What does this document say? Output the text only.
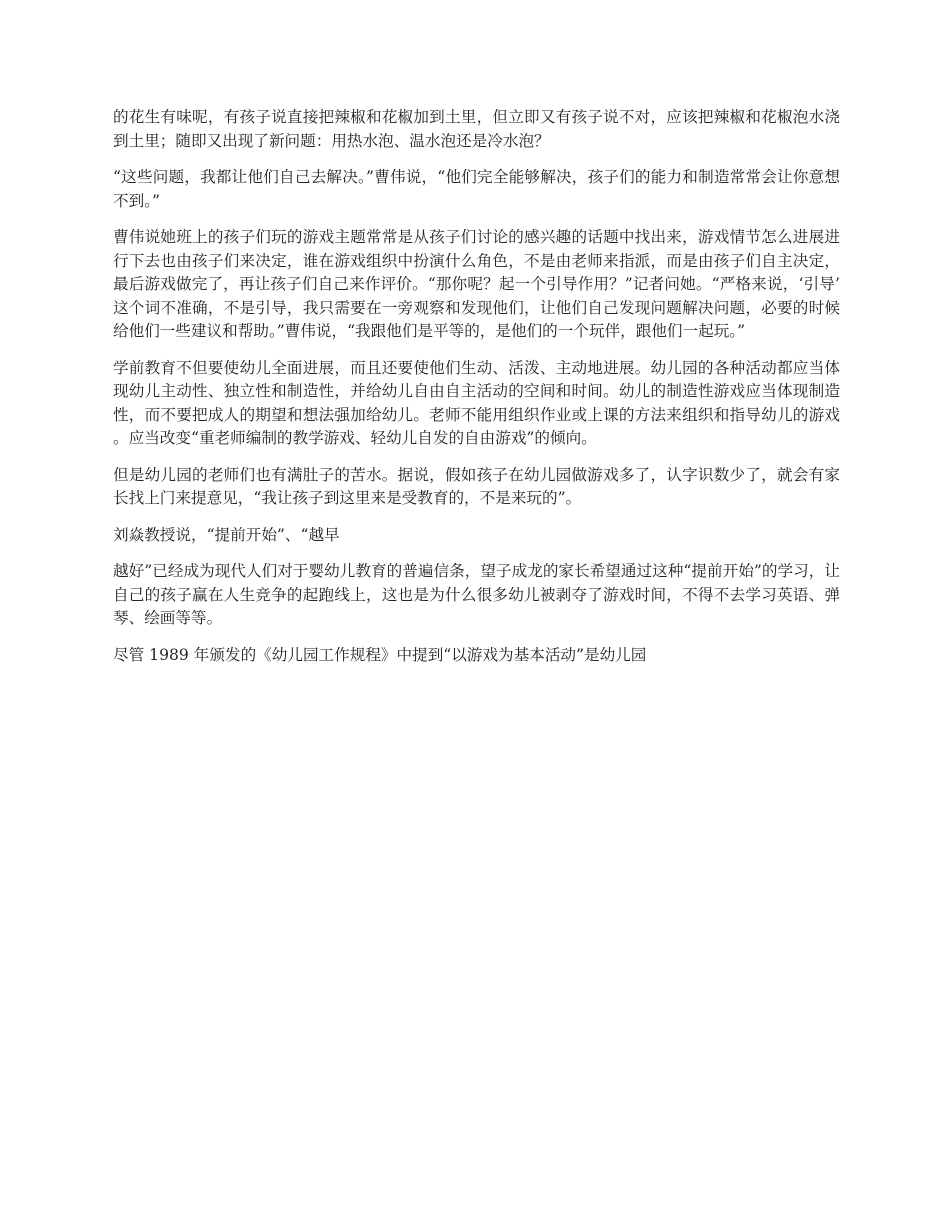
的花生有味呢，有孩子说直接把辣椒和花椒加到土里，但立即又有孩子说不对，应该把辣椒和花椒泡水浇到土里；随即又出现了新问题：用热水泡、温水泡还是冷水泡？

“这些问题，我都让他们自己去解决。”曹伟说，“他们完全能够解决，孩子们的能力和制造常常会让你意想不到。”

曹伟说她班上的孩子们玩的游戏主题常常是从孩子们讨论的感兴趣的话题中找出来，游戏情节怎么进展进行下去也由孩子们来决定，谁在游戏组织中扮演什么角色，不是由老师来指派，而是由孩子们自主决定，最后游戏做完了，再让孩子们自己来作评价。“那你呢？起一个引导作用？”记者问她。“严格来说，‘引导’这个词不准确，不是引导，我只需要在一旁观察和发现他们，让他们自己发现问题解决问题，必要的时候给他们一些建议和帮助。”曹伟说，“我跟他们是平等的，是他们的一个玩伴，跟他们一起玩。”

学前教育不但要使幼儿全面进展，而且还要使他们生动、活泼、主动地进展。幼儿园的各种活动都应当体现幼儿主动性、独立性和制造性，并给幼儿自由自主活动的空间和时间。幼儿的制造性游戏应当体现制造性，而不要把成人的期望和想法强加给幼儿。老师不能用组织作业或上课的方法来组织和指导幼儿的游戏。应当改变“重老师编制的教学游戏、轻幼儿自发的自由游戏”的倾向。

但是幼儿园的老师们也有满肚子的苦水。据说，假如孩子在幼儿园做游戏多了，认字识数少了，就会有家长找上门来提意见，“我让孩子到这里来是受教育的，不是来玩的”。

刘焱教授说，“提前开始”、“越早

越好”已经成为现代人们对于婴幼儿教育的普遍信条，望子成龙的家长希望通过这种“提前开始”的学习，让自己的孩子赢在人生竞争的起跑线上，这也是为什么很多幼儿被剥夺了游戏时间，不得不去学习英语、弹琴、绘画等等。

尽管 1989 年颁发的《幼儿园工作规程》中提到“以游戏为基本活动”是幼儿园
